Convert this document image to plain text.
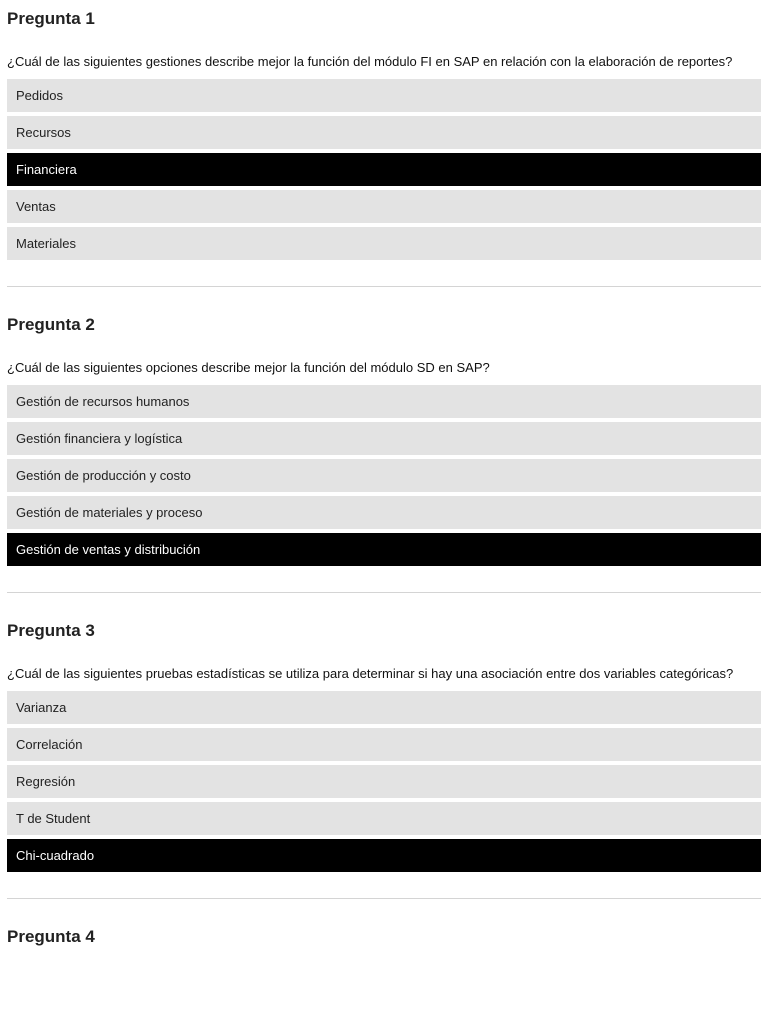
Pregunta 1

¿Cuál de las siguientes gestiones describe mejor la función del módulo FI en SAP en relación con la elaboración de reportes?

Pedidos
Recursos
Financiera
Ventas
Materiales
Pregunta 2

¿Cuál de las siguientes opciones describe mejor la función del módulo SD en SAP?

Gestión de recursos humanos
Gestión financiera y logística
Gestión de producción y costo
Gestión de materiales y proceso
Gestión de ventas y distribución
Pregunta 3

¿Cuál de las siguientes pruebas estadísticas se utiliza para determinar si hay una asociación entre dos variables categóricas?

Varianza
Correlación
Regresión
T de Student
Chi-cuadrado
Pregunta 4
